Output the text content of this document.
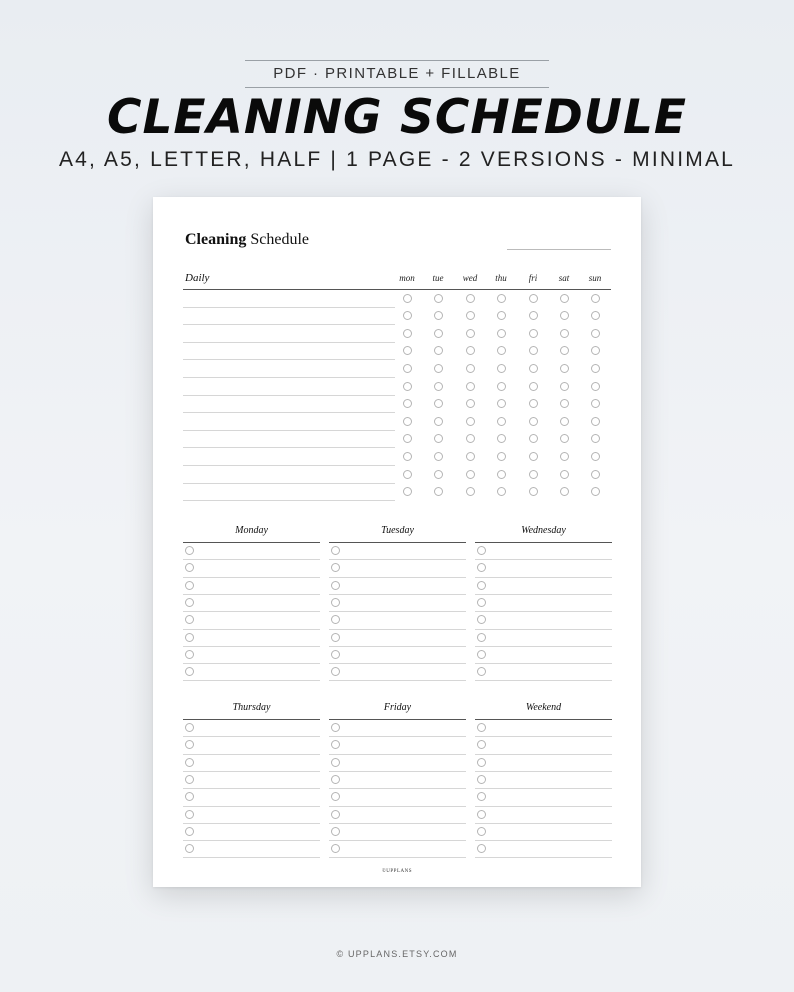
PDF · PRINTABLE + FILLABLE
CLEANING SCHEDULE
A4, A5, LETTER, HALF | 1 PAGE - 2 VERSIONS - MINIMAL
Cleaning Schedule
Daily	mon	tue	wed	thu	fri	sat	sun
Monday	Tuesday	Wednesday
Thursday	Friday	Weekend
©UPPLANS
© UPPLANS.ETSY.COM
